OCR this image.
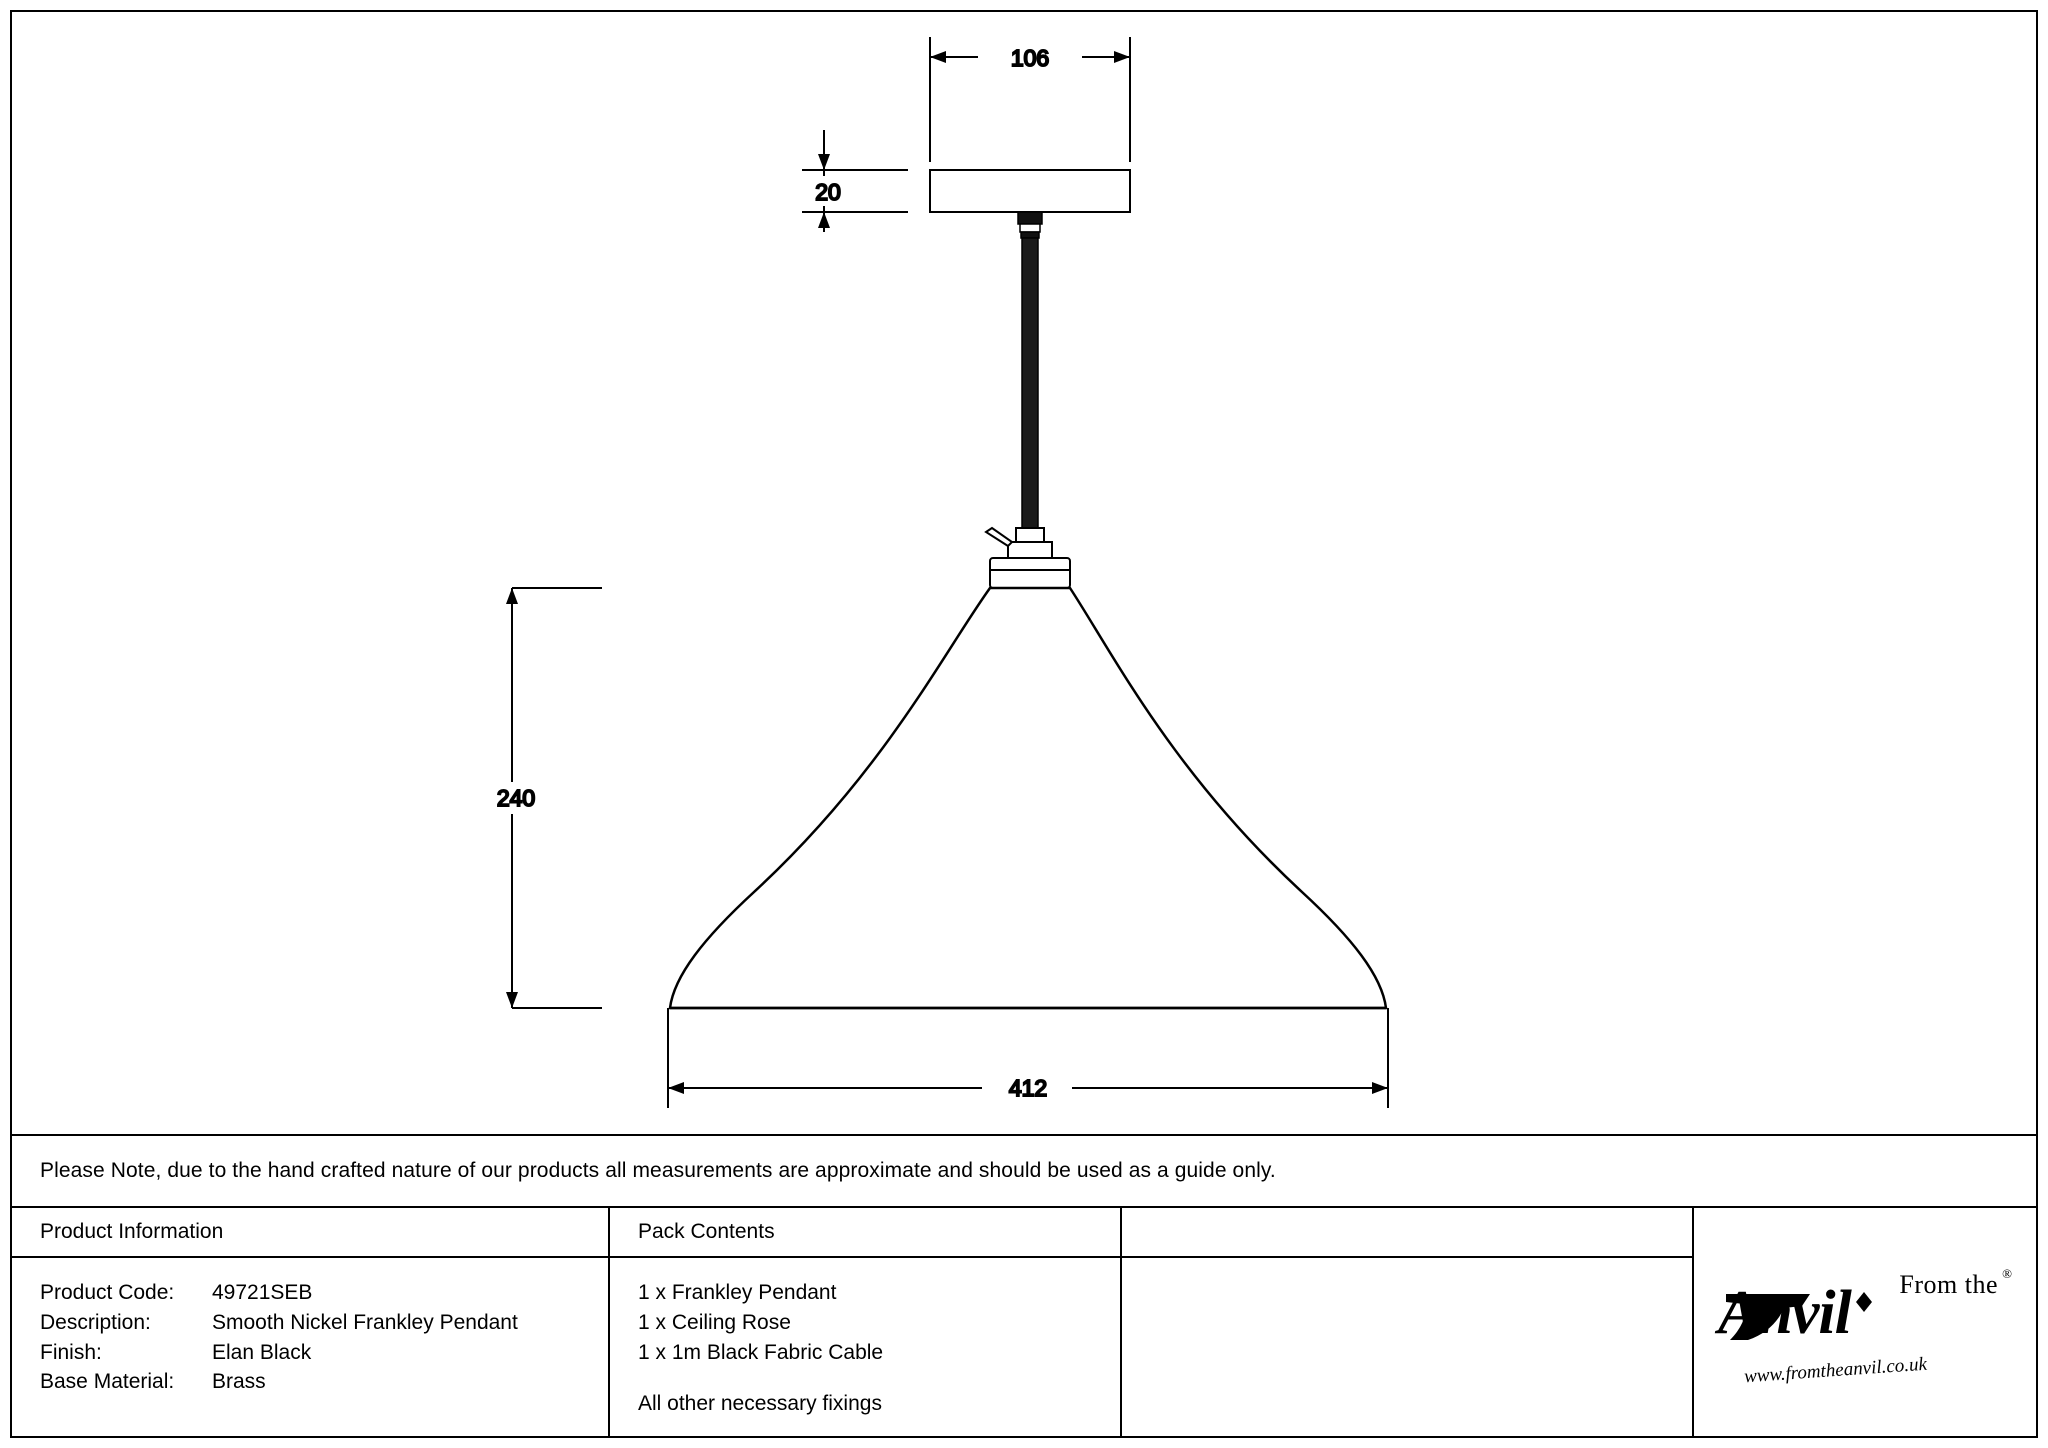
106
20
240
412
Please Note, due to the hand crafted nature of our products all measurements are approximate and should be used as a guide only.
Product Information
Product Code:	49721SEB
Description:	Smooth Nickel Frankley Pendant
Finish:	Elan Black
Base Material:	Brass
Pack Contents
1 x Frankley Pendant
1 x Ceiling Rose
1 x 1m Black Fabric Cable
All other necessary fixings
From the ®
Anvil
www.fromtheanvil.co.uk
